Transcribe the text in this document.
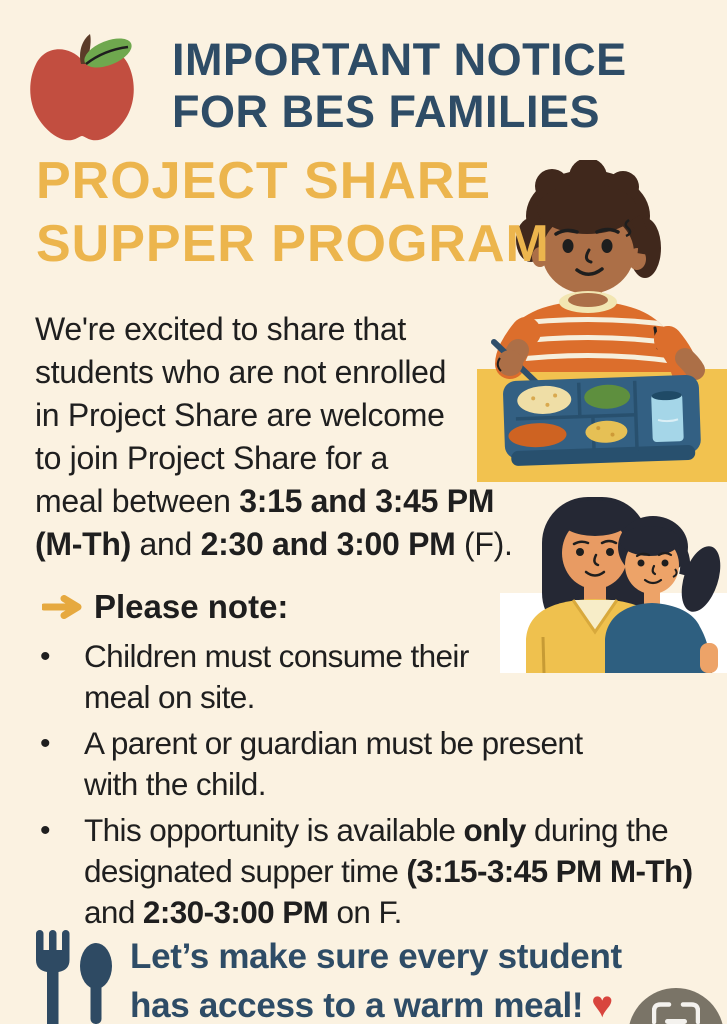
IMPORTANT NOTICE
FOR BES FAMILIES
PROJECT SHARE
SUPPER PROGRAM
We're excited to share that
students who are not enrolled
in Project Share are welcome
to join Project Share for a
meal between 3:15 and 3:45 PM
(M-Th) and 2:30 and 3:00 PM (F).
Please note:
•	Children must consume their
meal on site.
•	A parent or guardian must be present
with the child.
•	This opportunity is available only during the
designated supper time (3:15-3:45 PM M-Th)
and 2:30-3:00 PM on F.
Let’s make sure every student
has access to a warm meal! ♥
